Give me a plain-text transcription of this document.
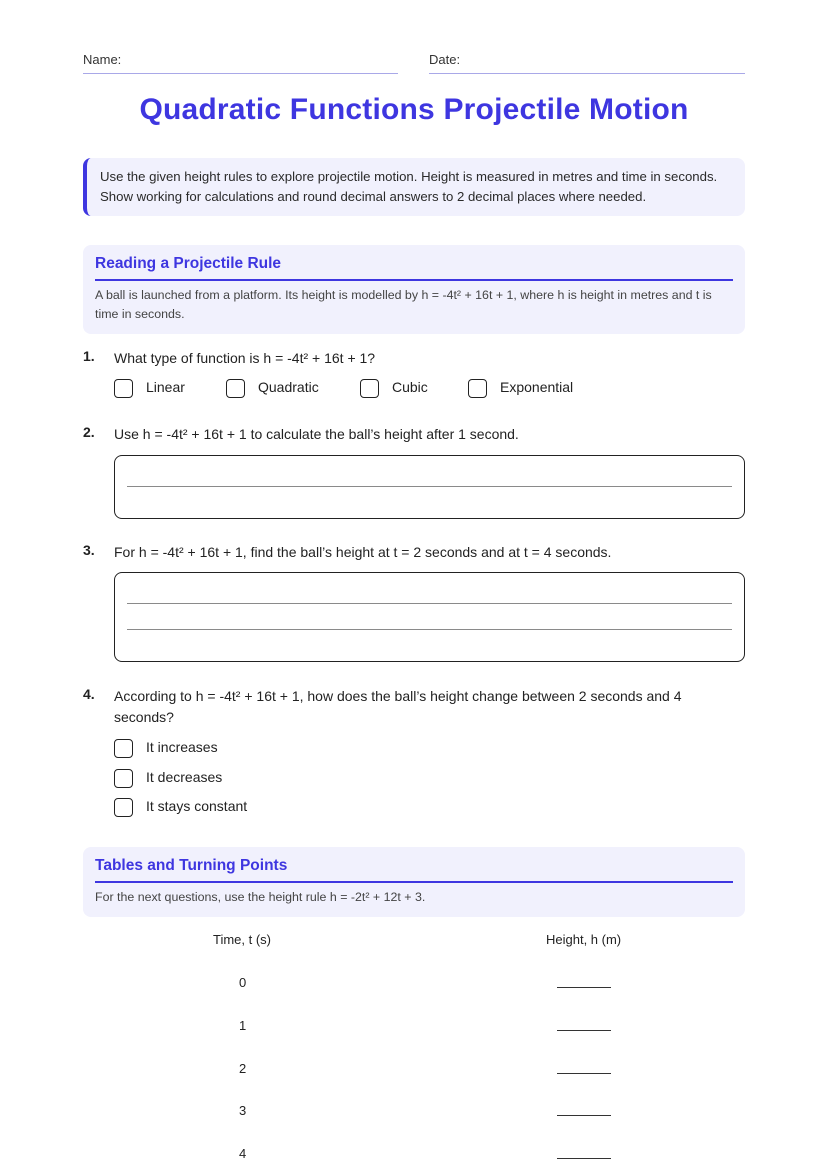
Name:	Date:
Quadratic Functions Projectile Motion
Use the given height rules to explore projectile motion. Height is measured in metres and time in seconds. Show working for calculations and round decimal answers to 2 decimal places where needed.
Reading a Projectile Rule
A ball is launched from a platform. Its height is modelled by h = -4t² + 16t + 1, where h is height in metres and t is time in seconds.
1. What type of function is h = -4t² + 16t + 1?
Linear	Quadratic	Cubic	Exponential
2. Use h = -4t² + 16t + 1 to calculate the ball’s height after 1 second.
3. For h = -4t² + 16t + 1, find the ball’s height at t = 2 seconds and at t = 4 seconds.
4. According to h = -4t² + 16t + 1, how does the ball’s height change between 2 seconds and 4 seconds?
It increases
It decreases
It stays constant
Tables and Turning Points
For the next questions, use the height rule h = -2t² + 12t + 3.
Time, t (s)	Height, h (m)
0
1
2
3
4
